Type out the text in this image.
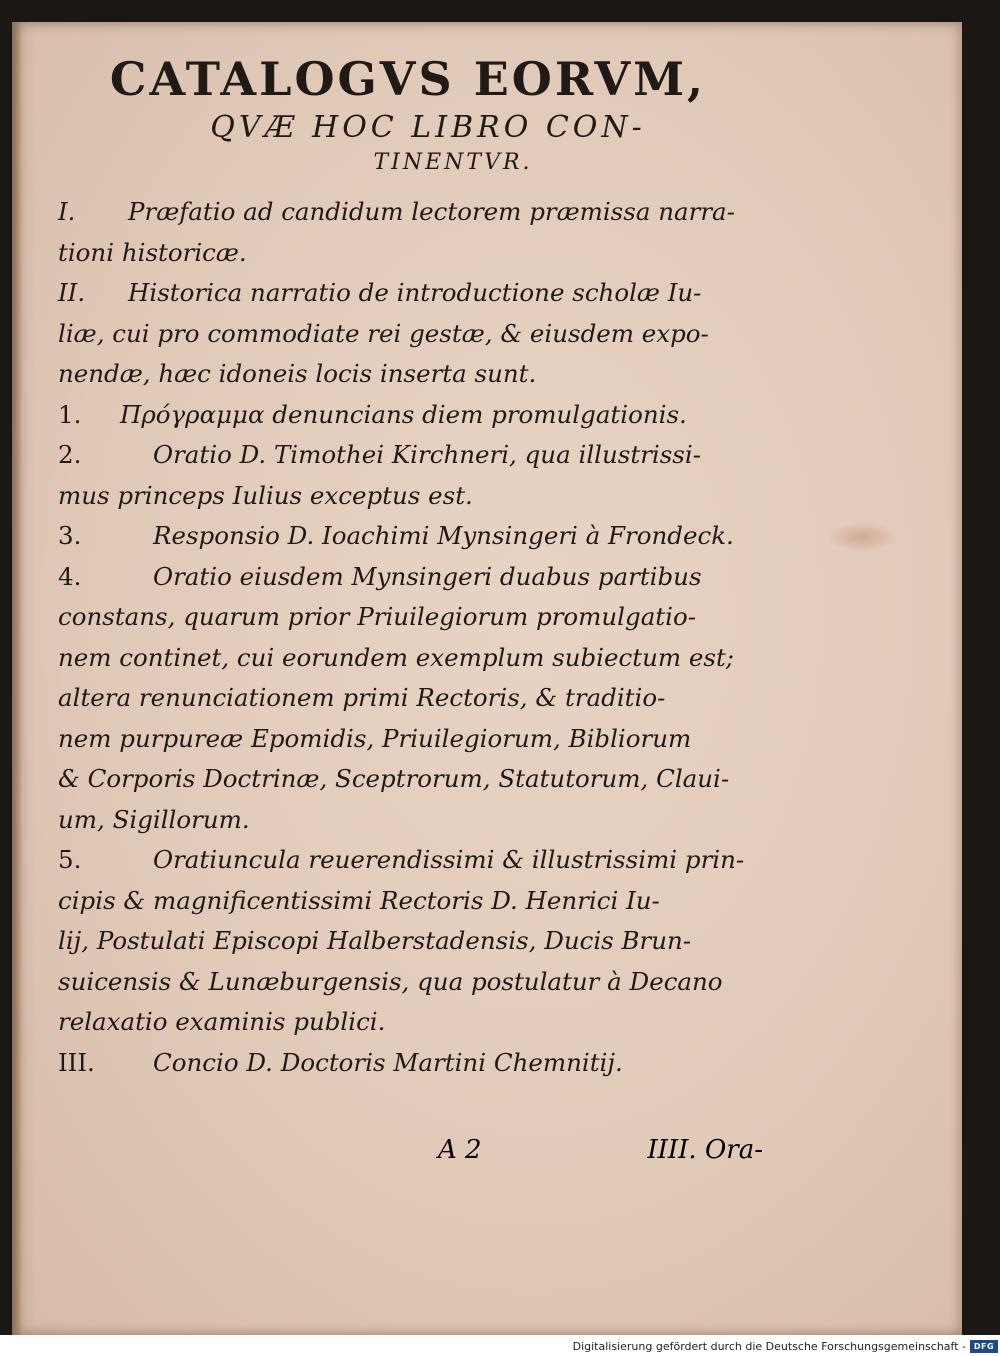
CATALOGVS EORVM,

QVÆ HOC LIBRO CON-

TINENTVR.

I. Præfatio ad candidum lectorem præmissa narra-
tioni historicæ.

II. Historica narratio de introductione scholæ Iu-
liæ, cui pro commodiate rei gestæ, & eiusdem expo-
nendæ, hæc idoneis locis inserta sunt.

1. Πρόγραμμα denuncians diem promulgationis.

2.	Oratio D. Timothei Kirchneri, qua illustrissi-
mus princeps Iulius exceptus est.

3.	Responsio D. Ioachimi Mynsingeri à Frondeck.

4.	Oratio eiusdem Mynsingeri duabus partibus
constans, quarum prior Priuilegiorum promulgatio-
nem continet, cui eorundem exemplum subiectum est;
altera renunciationem primi Rectoris, & traditio-
nem purpureæ Epomidis, Priuilegiorum, Bibliorum
& Corporis Doctrinæ, Sceptrorum, Statutorum, Claui-
um, Sigillorum.

5.	Oratiuncula reuerendissimi & illustrissimi prin-
cipis & magnificentissimi Rectoris D. Henrici Iu-
lij, Postulati Episcopi Halberstadensis, Ducis Brun-
suicensis & Lunæburgensis, qua postulatur à Decano
relaxatio examinis publici.

III. Concio D. Doctoris Martini Chemnitij.

A 2	IIII. Ora-
Digitalisierung gefördert durch die Deutsche Forschungsgemeinschaft - DFG
